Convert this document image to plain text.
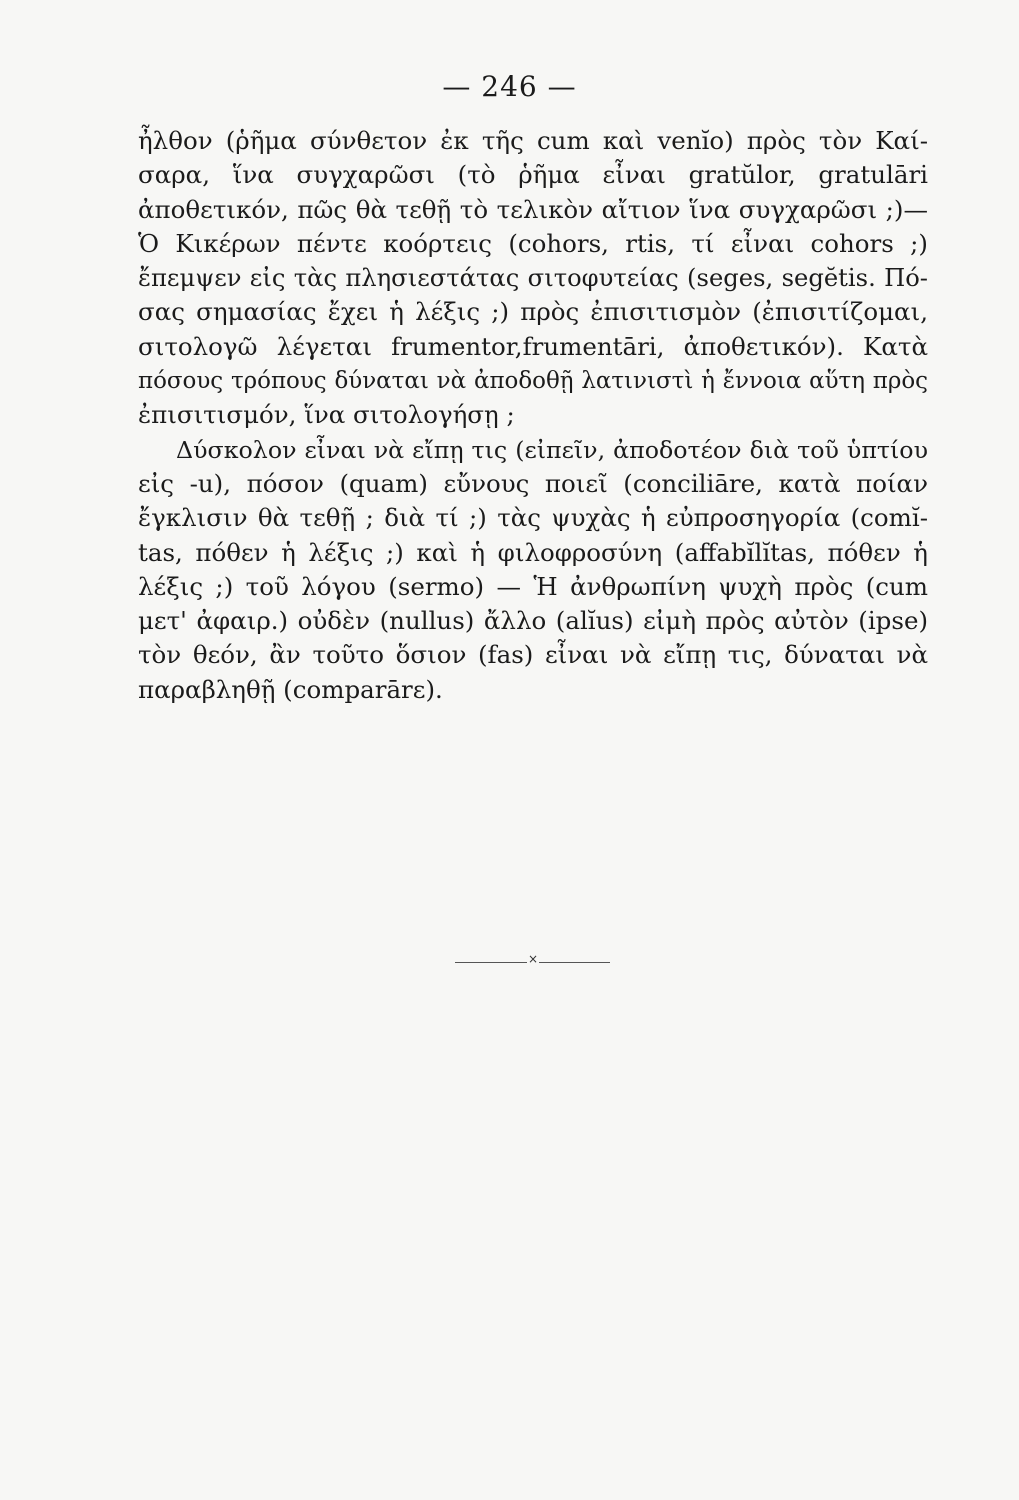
— 246 —
ἦλθον (ῥῆμα σύνθετον ἐκ τῆς cum καὶ venĭo) πρὸς τὸν Καί-
σαρα, ἵνα συγχαρῶσι (τὸ ῥῆμα εἶναι gratŭlor, gratulāri
ἀποθετικόν, πῶς θὰ τεθῇ τὸ τελικὸν αἴτιον ἵνα συγχαρῶσι ;)—
Ὁ Κικέρων πέντε κοόρτεις (cohors, rtis, τί εἶναι cohors ;)
ἔπεμψεν εἰς τὰς πλησιεστάτας σιτοφυτείας (seges, segĕtis. Πό-
σας σημασίας ἔχει ἡ λέξις ;) πρὸς ἐπισιτισμὸν (ἐπισιτίζομαι,
σιτολογῶ λέγεται frumentor,frumentāri, ἀποθετικόν). Κατὰ
πόσους τρόπους δύναται νὰ ἀποδοθῇ λατινιστὶ ἡ ἔννοια αὕτη πρὸς
ἐπισιτισμόν, ἵνα σιτολογήσῃ ;
Δύσκολον εἶναι νὰ εἴπῃ τις (εἰπεῖν, ἀποδοτέον διὰ τοῦ ὑπτίου
εἰς -u), πόσον (quam) εὔνους ποιεῖ (conciliāre, κατὰ ποίαν
ἔγκλισιν θὰ τεθῇ ; διὰ τί ;) τὰς ψυχὰς ἡ εὐπροσηγορία (comĭ-
tas, πόθεν ἡ λέξις ;) καὶ ἡ φιλοφροσύνη (affabĭlĭtas, πόθεν ἡ
λέξις ;) τοῦ λόγου (sermo) — Ἡ ἀνθρωπίνη ψυχὴ πρὸς (cum
μετ' ἀφαιρ.) οὐδὲν (nullus) ἄλλο (alĭus) εἰμὴ πρὸς αὐτὸν (ipse)
τὸν θεόν, ἂν τοῦτο ὅσιον (fas) εἶναι νὰ εἴπῃ τις, δύναται νὰ
παραβληθῇ (comparārε).
×
